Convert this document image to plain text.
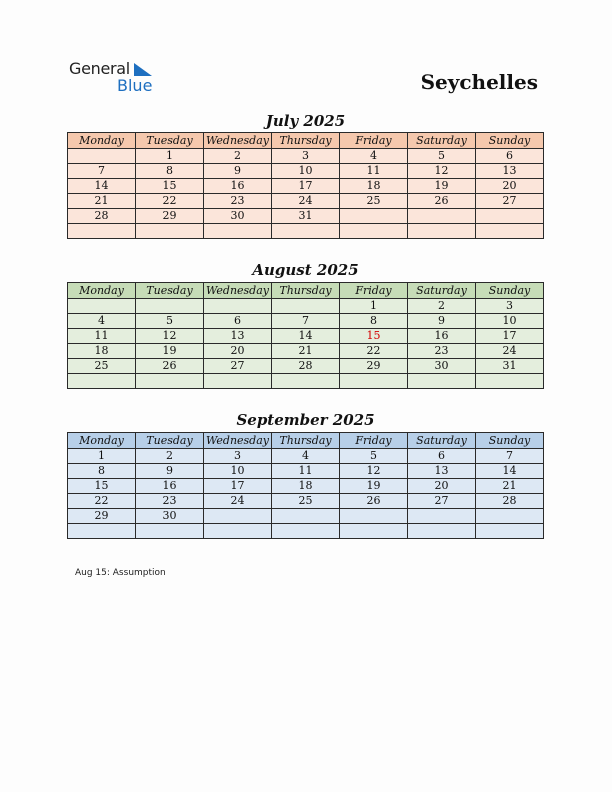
General
Blue	Seychelles
July 2025
Monday	Tuesday	Wednesday	Thursday	Friday	Saturday	Sunday
	1	2	3	4	5	6
7	8	9	10	11	12	13
14	15	16	17	18	19	20
21	22	23	24	25	26	27
28	29	30	31			

August 2025
Monday	Tuesday	Wednesday	Thursday	Friday	Saturday	Sunday
				1	2	3
4	5	6	7	8	9	10
11	12	13	14	15	16	17
18	19	20	21	22	23	24
25	26	27	28	29	30	31

September 2025
Monday	Tuesday	Wednesday	Thursday	Friday	Saturday	Sunday
1	2	3	4	5	6	7
8	9	10	11	12	13	14
15	16	17	18	19	20	21
22	23	24	25	26	27	28
29	30					

Aug 15: Assumption
